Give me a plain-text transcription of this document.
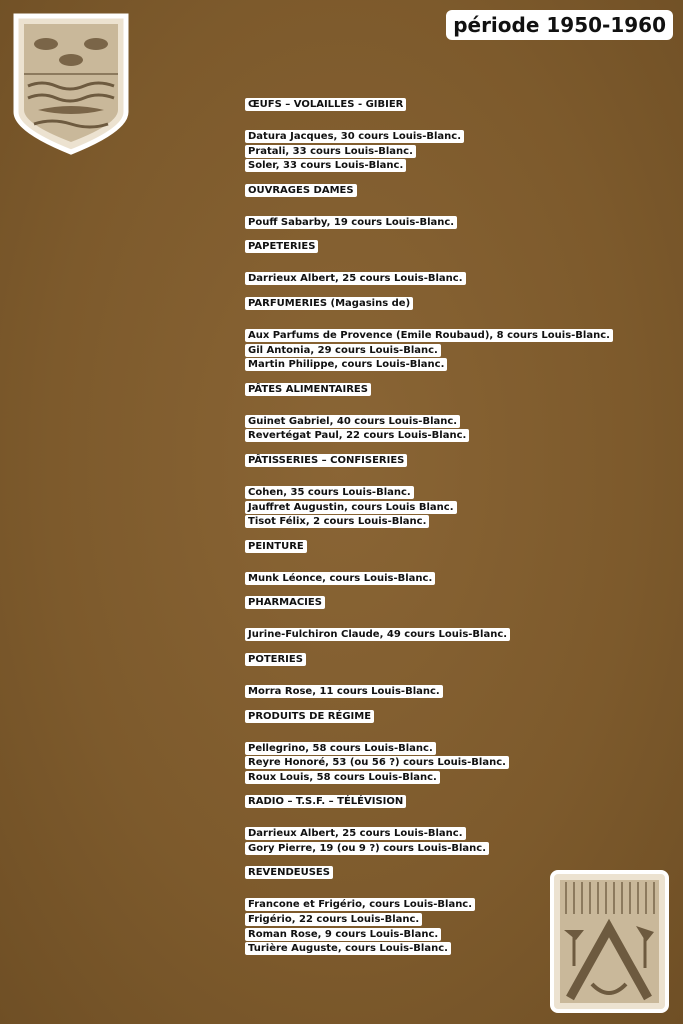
période 1950-1960
ŒUFS – VOLAILLES - GIBIER
Datura Jacques, 30 cours Louis-Blanc.
Pratali, 33 cours Louis-Blanc.
Soler, 33 cours Louis-Blanc.
OUVRAGES DAMES
Pouff Sabarby, 19 cours Louis-Blanc.
PAPETERIES
Darrieux Albert, 25 cours Louis-Blanc.
PARFUMERIES (Magasins de)
Aux Parfums de Provence (Emile Roubaud), 8 cours Louis-Blanc.
Gil Antonia, 29 cours Louis-Blanc.
Martin Philippe, cours Louis-Blanc.
PÂTES ALIMENTAIRES
Guinet Gabriel, 40 cours Louis-Blanc.
Revertégat Paul, 22 cours Louis-Blanc.
PÂTISSERIES – CONFISERIES
Cohen, 35 cours Louis-Blanc.
Jauffret Augustin, cours Louis Blanc.
Tisot Félix, 2 cours Louis-Blanc.
PEINTURE
Munk Léonce, cours Louis-Blanc.
PHARMACIES
Jurine-Fulchiron Claude, 49 cours Louis-Blanc.
POTERIES
Morra Rose, 11 cours Louis-Blanc.
PRODUITS DE RÉGIME
Pellegrino, 58 cours Louis-Blanc.
Reyre Honoré, 53 (ou 56 ?) cours Louis-Blanc.
Roux Louis, 58 cours Louis-Blanc.
RADIO – T.S.F. – TÉLÉVISION
Darrieux Albert, 25 cours Louis-Blanc.
Gory Pierre, 19 (ou 9 ?) cours Louis-Blanc.
REVENDEUSES
Francone et Frigério, cours Louis-Blanc.
Frigério, 22 cours Louis-Blanc.
Roman Rose, 9 cours Louis-Blanc.
Turière Auguste, cours Louis-Blanc.
